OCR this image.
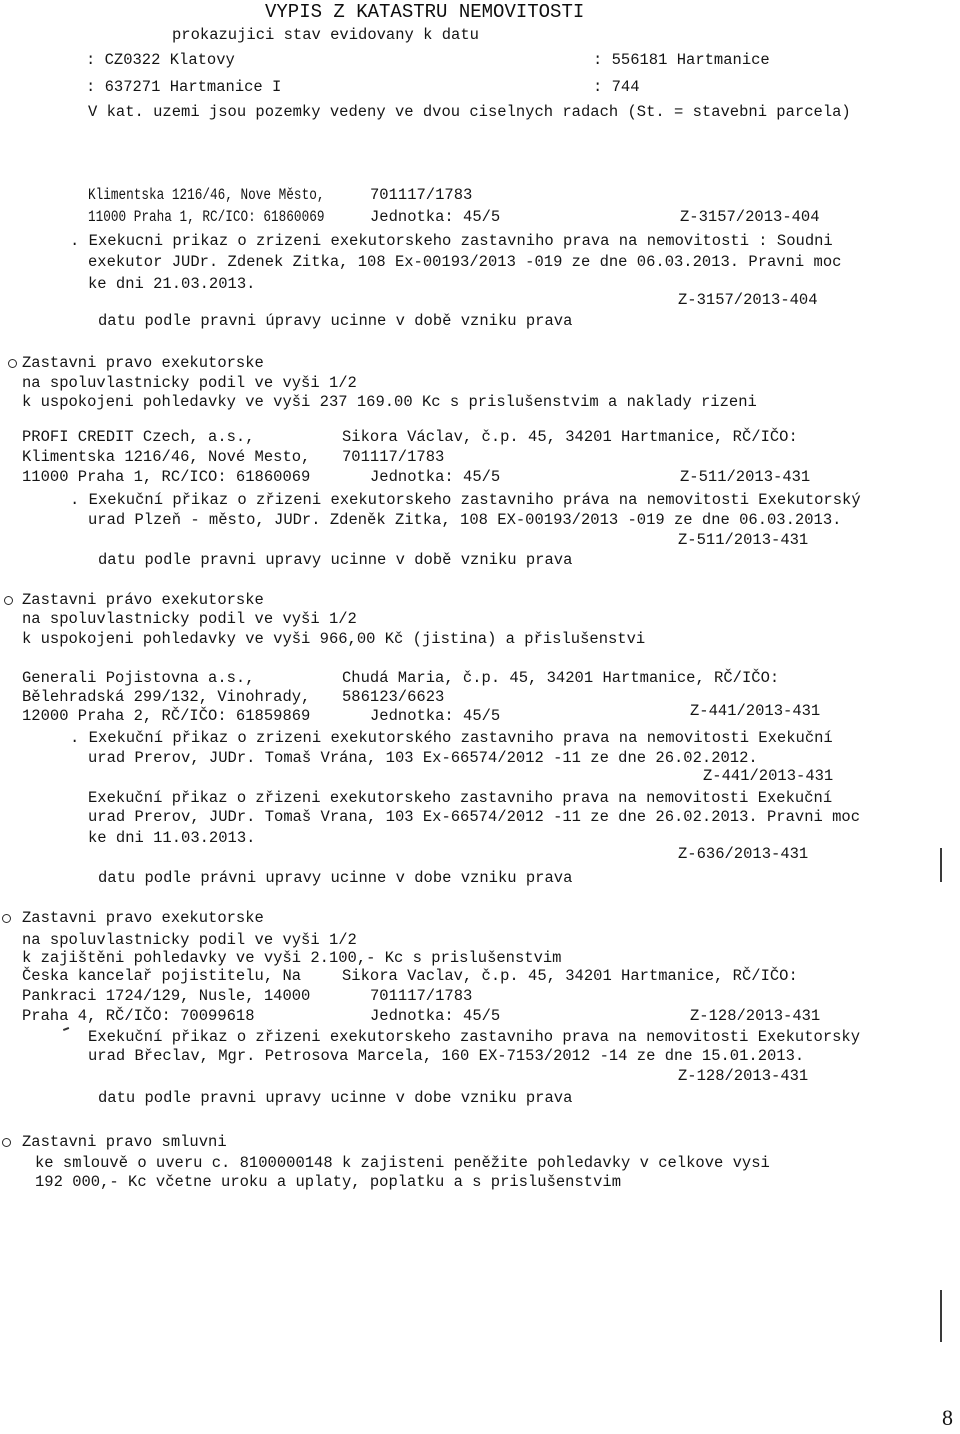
VYPIS Z KATASTRU NEMOVITOSTI
prokazujici stav evidovany k datu
: CZ0322 Klatovy	: 556181 Hartmanice
: 637271 Hartmanice I	: 744
V kat. uzemi jsou pozemky vedeny ve dvou ciselnych radach (St. = stavebni parcela)
Klimentska 1216/46, Nove Město,	701117/1783
11000 Praha 1, RC/ICO: 61860069	Jednotka: 45/5	Z-3157/2013-404
. Exekucni prikaz o zrizeni exekutorskeho zastavniho prava na nemovitosti : Soudni
exekutor JUDr. Zdenek Zitka, 108 Ex-00193/2013 -019 ze dne 06.03.2013. Pravni moc
ke dni 21.03.2013.
Z-3157/2013-404
datu podle pravni úpravy ucinne v době vzniku prava
Zastavni pravo exekutorske
na spoluvlastnicky podil ve vyši 1/2
k uspokojeni pohledavky ve vyši 237 169.00 Kc s prislušenstvim a naklady rizeni
PROFI CREDIT Czech, a.s.,	Sikora Václav, č.p. 45, 34201 Hartmanice, RČ/IČO:
Klimentska 1216/46, Nové Mesto, 701117/1783
11000 Praha 1, RC/ICO: 61860069	Jednotka: 45/5	Z-511/2013-431
. Exekuční přikaz o zřizeni exekutorskeho zastavniho práva na nemovitosti Exekutorský
urad Plzeň - město, JUDr. Zdeněk Zitka, 108 EX-00193/2013 -019 ze dne 06.03.2013.
Z-511/2013-431
datu podle pravni upravy ucinne v době vzniku prava
Zastavni právo exekutorske
na spoluvlastnicky podil ve vyši 1/2
k uspokojeni pohledavky ve vyši 966,00 Kč (jistina) a přislušenstvi
Generali Pojistovna a.s.,	Chudá Maria, č.p. 45, 34201 Hartmanice, RČ/IČO:
Bělehradská 299/132, Vinohrady, 586123/6623
12000 Praha 2, RČ/IČO: 61859869	Jednotka: 45/5	Z-441/2013-431
. Exekuční přikaz o zrizeni exekutorského zastavniho prava na nemovitosti Exekuční
urad Prerov, JUDr. Tomaš Vrána, 103 Ex-66574/2012 -11 ze dne 26.02.2012.
Z-441/2013-431
Exekuční přikaz o zřizeni exekutorskeho zastavniho prava na nemovitosti Exekuční
urad Prerov, JUDr. Tomaš Vrana, 103 Ex-66574/2012 -11 ze dne 26.02.2013. Pravni moc
ke dni 11.03.2013.
Z-636/2013-431
datu podle právni upravy ucinne v dobe vzniku prava
Zastavni pravo exekutorske
na spoluvlastnicky podil ve vyši 1/2
k zajištěni pohledavky ve vyši 2.100,- Kc s prislušenstvim
Česka kancelař pojistitelu, Na	Sikora Vaclav, č.p. 45, 34201 Hartmanice, RČ/IČO:
Pankraci 1724/129, Nusle, 14000	701117/1783
Praha 4, RČ/IČO: 70099618	Jednotka: 45/5	Z-128/2013-431
Exekuční přikaz o zřizeni exekutorskeho zastavniho prava na nemovitosti Exekutorsky
urad Břeclav, Mgr. Petrosova Marcela, 160 EX-7153/2012 -14 ze dne 15.01.2013.
Z-128/2013-431
datu podle pravni upravy ucinne v dobe vzniku prava
Zastavni pravo smluvni
ke smlouvě o uveru c. 8100000148 k zajisteni peněžite pohledavky v celkove vysi
192 000,- Kc včetne uroku a uplaty, poplatku a s prislušenstvim
8
